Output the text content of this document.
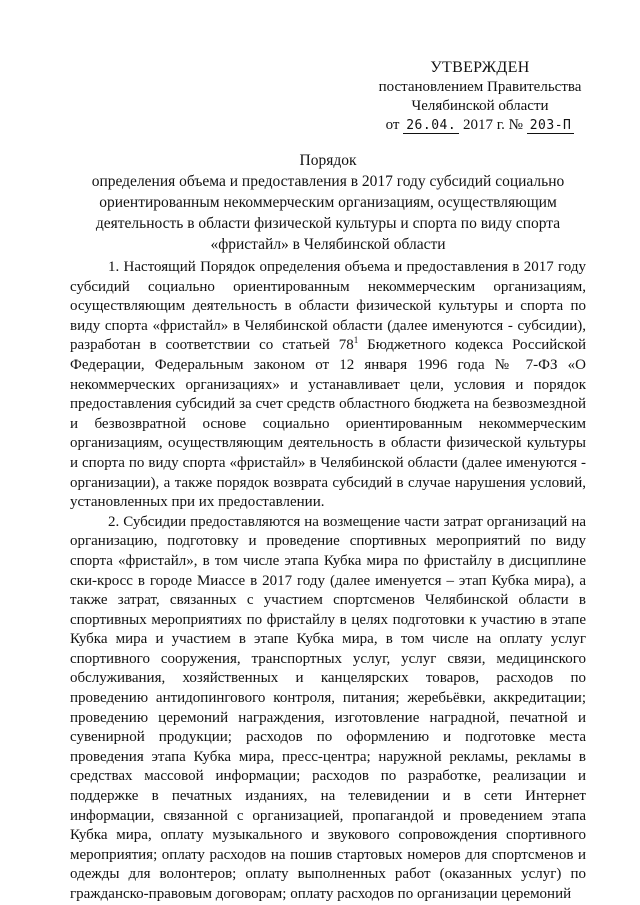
УТВЕРЖДЕН
постановлением Правительства
Челябинской области
от 26.04. 2017 г. № 203-П
Порядок
определения объема и предоставления в 2017 году субсидий социально
ориентированным некоммерческим организациям, осуществляющим
деятельность в области физической культуры и спорта по виду спорта
«фристайл» в Челябинской области

1. Настоящий Порядок определения объема и предоставления в 2017 году субсидий социально ориентированным некоммерческим организациям, осуществляющим деятельность в области физической культуры и спорта по виду спорта «фристайл» в Челябинской области (далее именуются - субсидии), разработан в соответствии со статьей $78^1$ Бюджетного кодекса Российской Федерации, Федеральным законом от 12 января 1996 года № 7-ФЗ «О некоммерческих организациях» и устанавливает цели, условия и порядок предоставления субсидий за счет средств областного бюджета на безвозмездной и безвозвратной основе социально ориентированным некоммерческим организациям, осуществляющим деятельность в области физической культуры и спорта по виду спорта «фристайл» в Челябинской области (далее именуются - организации), а также порядок возврата субсидий в случае нарушения условий, установленных при их предоставлении.

2. Субсидии предоставляются на возмещение части затрат организаций на организацию, подготовку и проведение спортивных мероприятий по виду спорта «фристайл», в том числе этапа Кубка мира по фристайлу в дисциплине ски-кросс в городе Миассе в 2017 году (далее именуется – этап Кубка мира), а также затрат, связанных с участием спортсменов Челябинской области в спортивных мероприятиях по фристайлу в целях подготовки к участию в этапе Кубка мира и участием в этапе Кубка мира, в том числе на оплату услуг спортивного сооружения, транспортных услуг, услуг связи, медицинского обслуживания, хозяйственных и канцелярских товаров, расходов по проведению антидопингового контроля, питания; жеребьёвки, аккредитации; проведению церемоний награждения, изготовление наградной, печатной и сувенирной продукции; расходов по оформлению и подготовке места проведения этапа Кубка мира, пресс-центра; наружной рекламы, рекламы в средствах массовой информации; расходов по разработке, реализации и поддержке в печатных изданиях, на телевидении и в сети Интернет информации, связанной с организацией, пропагандой и проведением этапа Кубка мира, оплату музыкального и звукового сопровождения спортивного мероприятия; оплату расходов на пошив стартовых номеров для спортсменов и одежды для волонтеров; оплату выполненных работ (оказанных услуг) по гражданско-правовым договорам; оплату расходов по организации церемоний
